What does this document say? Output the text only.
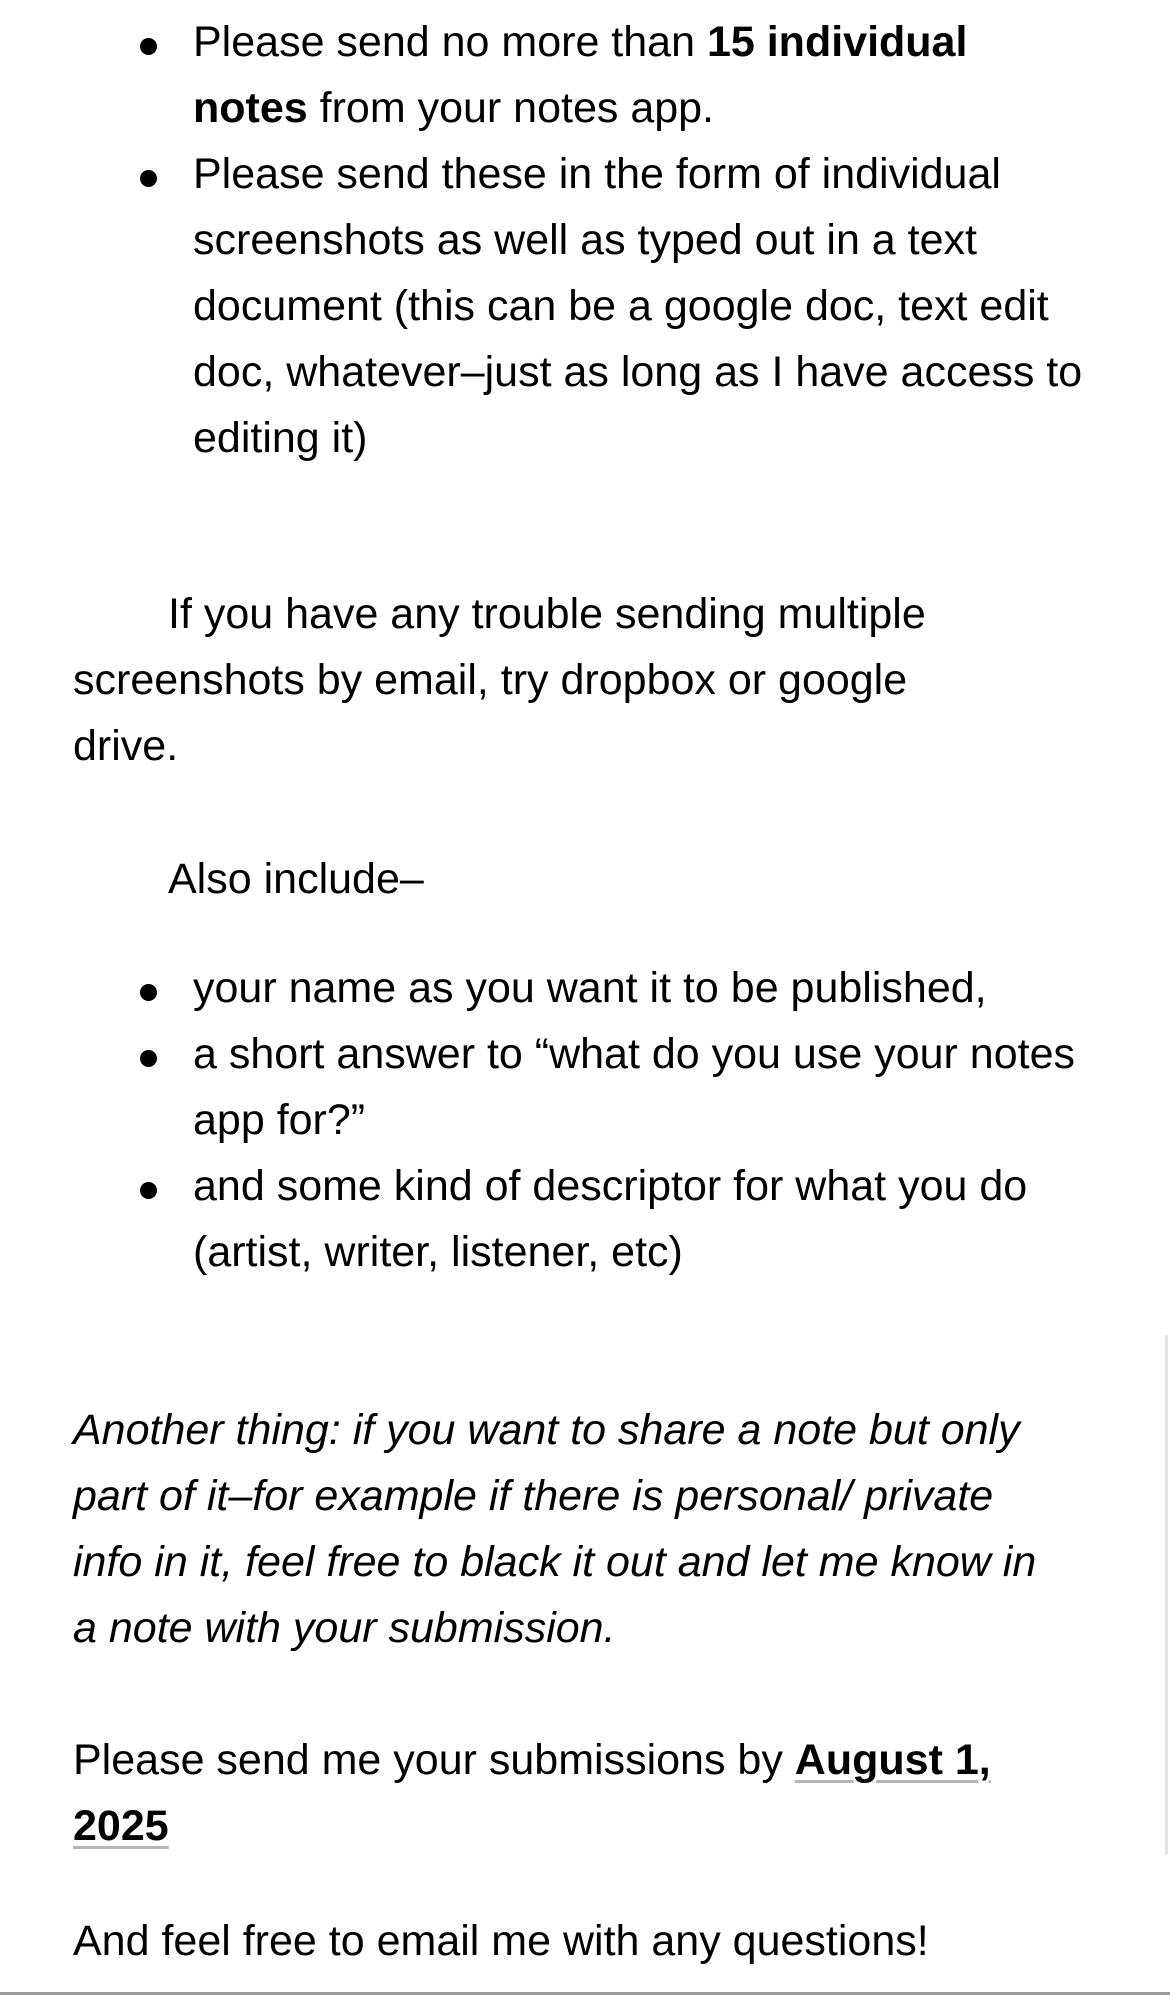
Please send no more than 15 individual notes from your notes app.
Please send these in the form of individual screenshots as well as typed out in a text document (this can be a google doc, text edit doc, whatever–just as long as I have access to editing it)

If you have any trouble sending multiple screenshots by email, try dropbox or google drive.

Also include–

your name as you want it to be published,
a short answer to “what do you use your notes app for?”
and some kind of descriptor for what you do (artist, writer, listener, etc)

Another thing: if you want to share a note but only part of it–for example if there is personal/ private info in it, feel free to black it out and let me know in a note with your submission.

Please send me your submissions by August 1, 2025

And feel free to email me with any questions!
